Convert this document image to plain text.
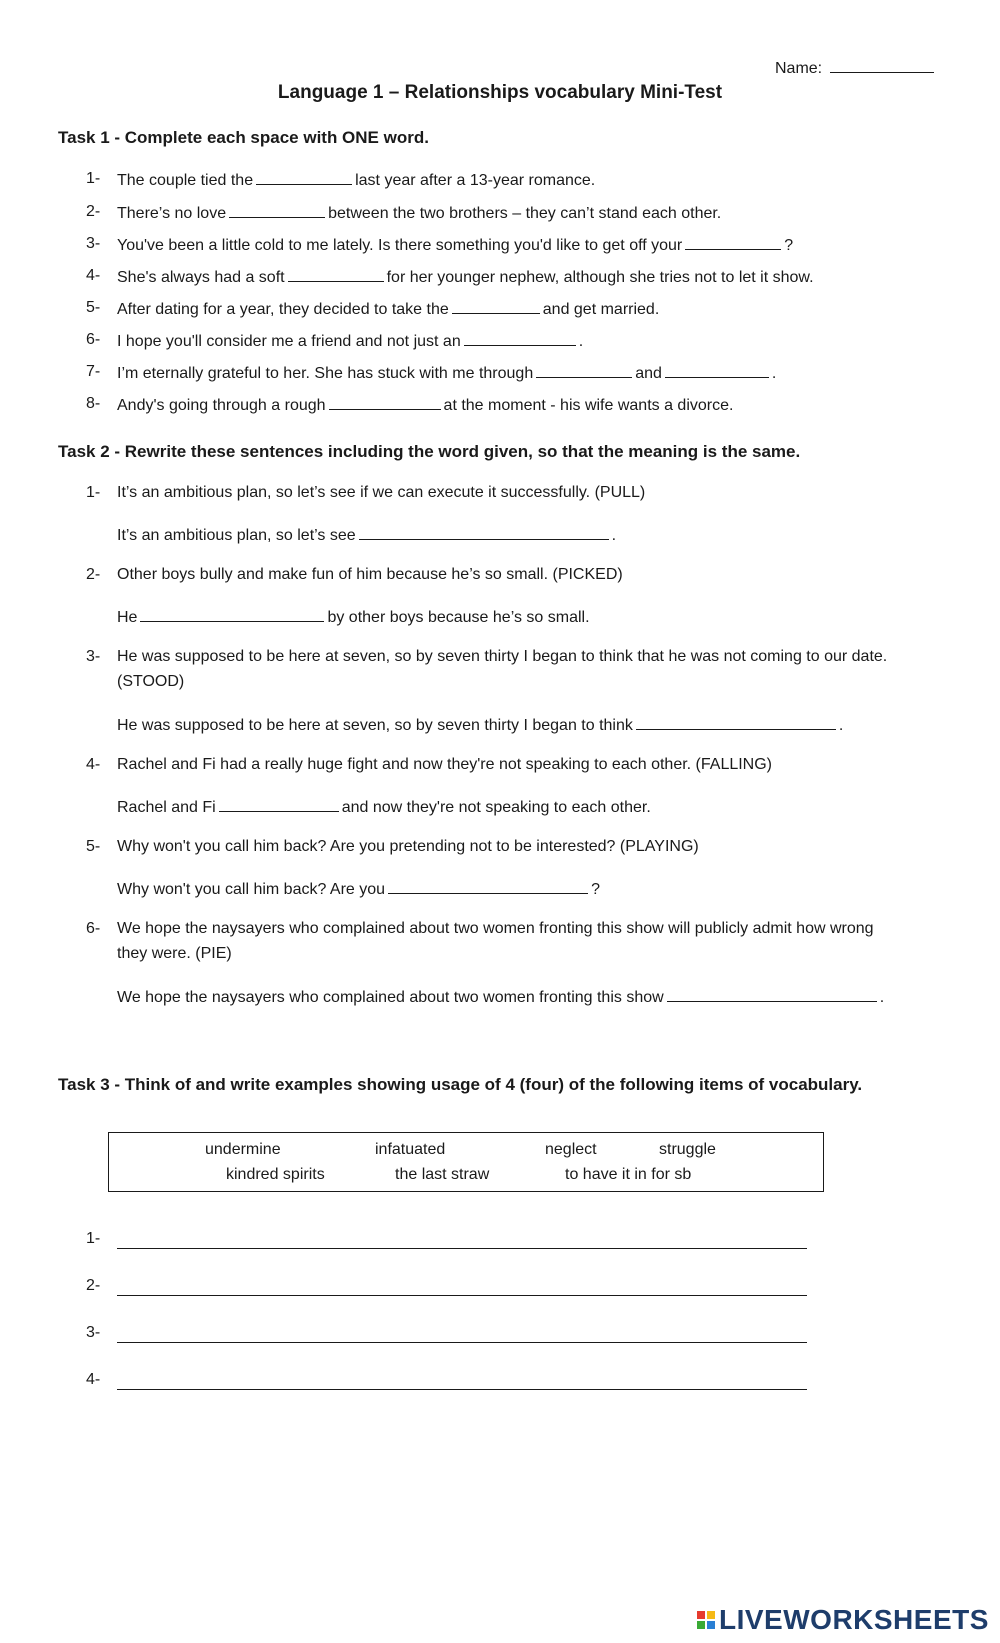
Name:
Language 1 – Relationships vocabulary Mini-Test
Task 1 - Complete each space with ONE word.
1- The couple tied the	last year after a 13-year romance.
2- There’s no love	between the two brothers – they can’t stand each other.
3- You've been a little cold to me lately. Is there something you'd like to get off your	?
4- She's always had a soft	for her younger nephew, although she tries not to let it show.
5- After dating for a year, they decided to take the	and get married.
6- I hope you'll consider me a friend and not just an	.
7- I’m eternally grateful to her. She has stuck with me through	and	.
8- Andy's going through a rough	at the moment - his wife wants a divorce.
Task 2 - Rewrite these sentences including the word given, so that the meaning is the same.
1- It’s an ambitious plan, so let’s see if we can execute it successfully. (PULL)
It’s an ambitious plan, so let’s see	.
2- Other boys bully and make fun of him because he’s so small. (PICKED)
He	by other boys because he’s so small.
3- He was supposed to be here at seven, so by seven thirty I began to think that he was not coming to our date.
(STOOD)
He was supposed to be here at seven, so by seven thirty I began to think	.
4- Rachel and Fi had a really huge fight and now they're not speaking to each other. (FALLING)
Rachel and Fi	and now they're not speaking to each other.
5- Why won't you call him back? Are you pretending not to be interested? (PLAYING)
Why won't you call him back? Are you	?
6- We hope the naysayers who complained about two women fronting this show will publicly admit how wrong
they were. (PIE)
We hope the naysayers who complained about two women fronting this show	.
Task 3 - Think of and write examples showing usage of 4 (four) of the following items of vocabulary.
undermine	infatuated	neglect	struggle
kindred spirits	the last straw	to have it in for sb
1-
2-
3-
4-
LIVEWORKSHEETS
